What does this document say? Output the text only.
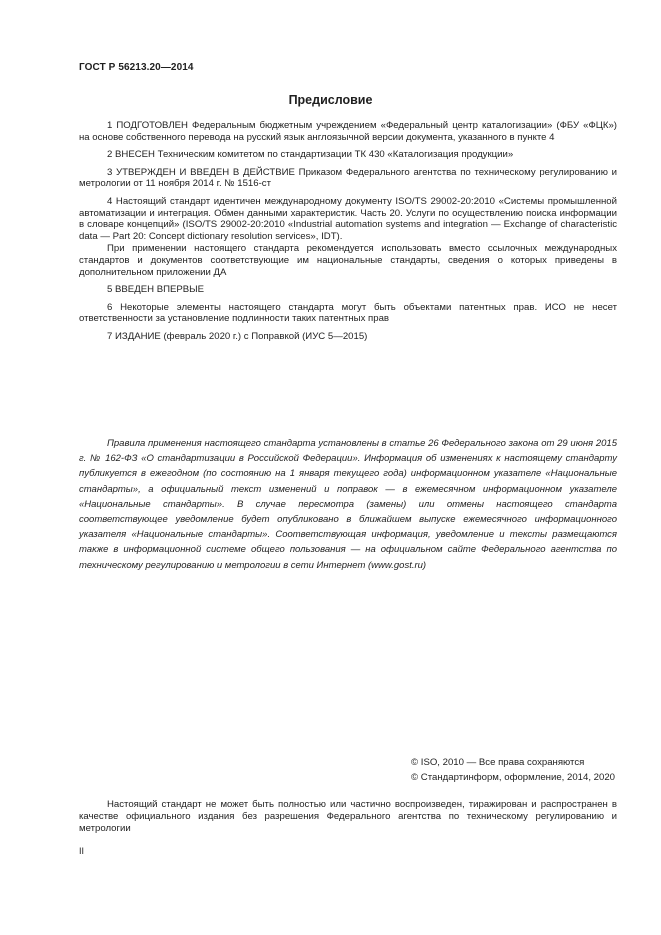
ГОСТ Р 56213.20—2014
Предисловие

1 ПОДГОТОВЛЕН Федеральным бюджетным учреждением «Федеральный центр каталогизации» (ФБУ «ФЦК») на основе собственного перевода на русский язык англоязычной версии документа, указанного в пункте 4

2 ВНЕСЕН Техническим комитетом по стандартизации ТК 430 «Каталогизация продукции»

3 УТВЕРЖДЕН И ВВЕДЕН В ДЕЙСТВИЕ Приказом Федерального агентства по техническому регулированию и метрологии от 11 ноября 2014 г. № 1516-ст

4 Настоящий стандарт идентичен международному документу ISO/TS 29002-20:2010 «Системы промышленной автоматизации и интеграция. Обмен данными характеристик. Часть 20. Услуги по осуществлению поиска информации в словаре концепций» (ISO/TS 29002-20:2010 «Industrial automation systems and integration — Exchange of characteristic data — Part 20: Concept dictionary resolution services», IDT).

При применении настоящего стандарта рекомендуется использовать вместо ссылочных международных стандартов и документов соответствующие им национальные стандарты, сведения о которых приведены в дополнительном приложении ДА

5 ВВЕДЕН ВПЕРВЫЕ

6 Некоторые элементы настоящего стандарта могут быть объектами патентных прав. ИСО не несет ответственности за установление подлинности таких патентных прав

7 ИЗДАНИЕ (февраль 2020 г.) с Поправкой (ИУС 5—2015)

Правила применения настоящего стандарта установлены в статье 26 Федерального закона от 29 июня 2015 г. № 162-ФЗ «О стандартизации в Российской Федерации». Информация об изменениях к настоящему стандарту публикуется в ежегодном (по состоянию на 1 января текущего года) информационном указателе «Национальные стандарты», а официальный текст изменений и поправок — в ежемесячном информационном указателе «Национальные стандарты». В случае пересмотра (замены) или отмены настоящего стандарта соответствующее уведомление будет опубликовано в ближайшем выпуске ежемесячного информационного указателя «Национальные стандарты». Соответствующая информация, уведомление и тексты размещаются также в информационной системе общего пользования — на официальном сайте Федерального агентства по техническому регулированию и метрологии в сети Интернет (www.gost.ru)

© ISO, 2010 — Все права сохраняются
© Стандартинформ, оформление, 2014, 2020

Настоящий стандарт не может быть полностью или частично воспроизведен, тиражирован и распространен в качестве официального издания без разрешения Федерального агентства по техническому регулированию и метрологии

II
